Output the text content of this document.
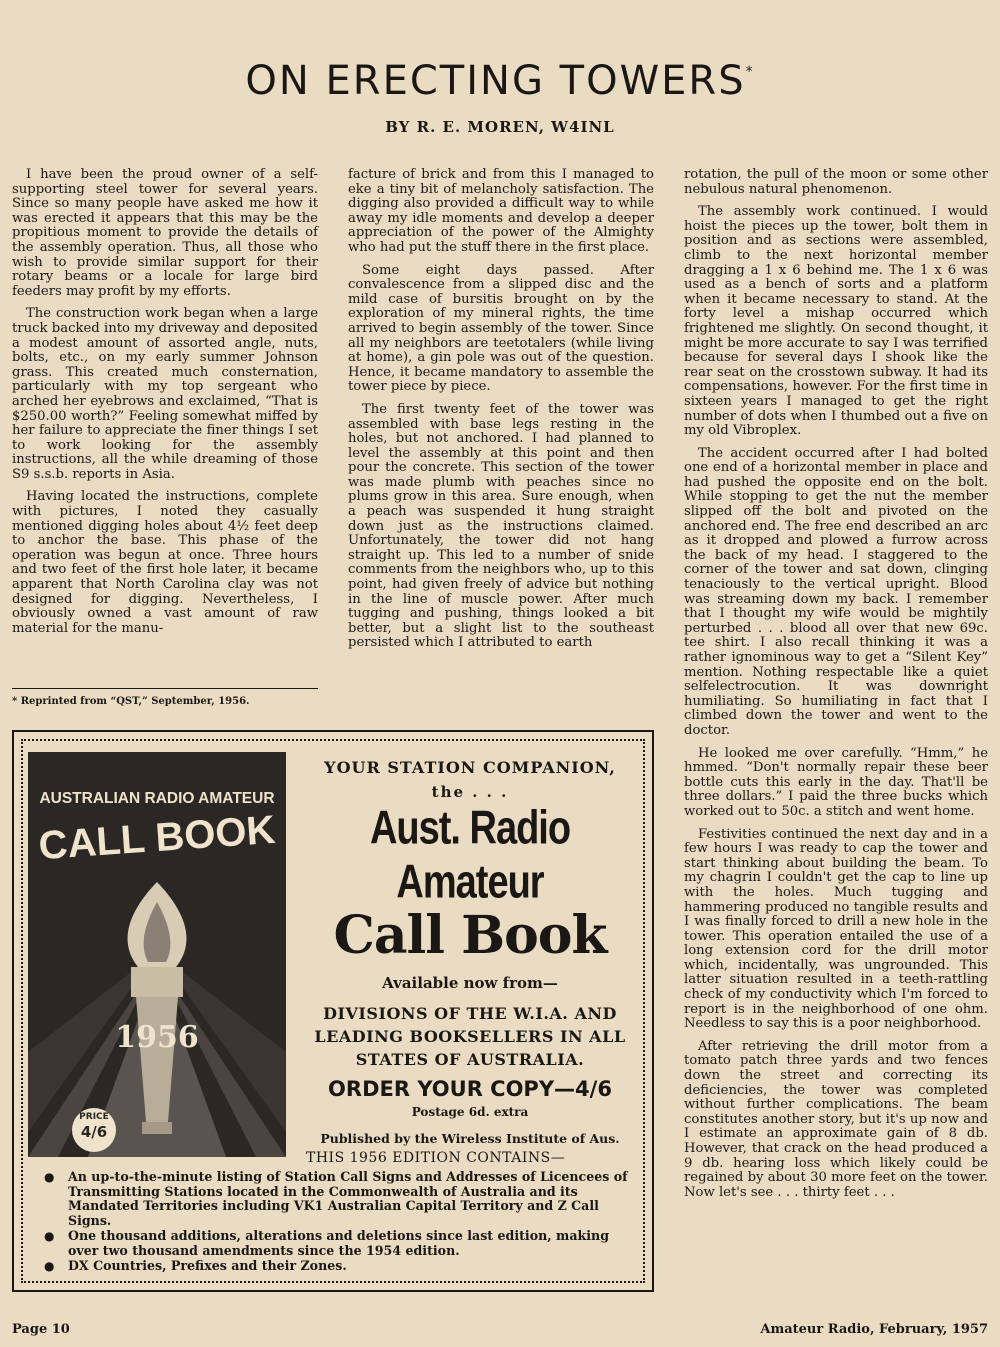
ON ERECTING TOWERS*
BY R. E. MOREN, W4INL

I have been the proud owner of a self-supporting steel tower for several years. Since so many people have asked me how it was erected it appears that this may be the propitious moment to provide the details of the assembly operation. Thus, all those who wish to provide similar support for their rotary beams or a locale for large bird feeders may profit by my efforts.

The construction work began when a large truck backed into my driveway and deposited a modest amount of assorted angle, nuts, bolts, etc., on my early summer Johnson grass. This created much consternation, particularly with my top sergeant who arched her eyebrows and exclaimed, “That is $250.00 worth?” Feeling somewhat miffed by her failure to appreciate the finer things I set to work looking for the assembly instructions, all the while dreaming of those S9 s.s.b. reports in Asia.

Having located the instructions, complete with pictures, I noted they casually mentioned digging holes about 4½ feet deep to anchor the base. This phase of the operation was begun at once. Three hours and two feet of the first hole later, it became apparent that North Carolina clay was not designed for digging. Nevertheless, I obviously owned a vast amount of raw material for the manu-

* Reprinted from “QST,” September, 1956.

facture of brick and from this I managed to eke a tiny bit of melancholy satisfaction. The digging also provided a difficult way to while away my idle moments and develop a deeper appreciation of the power of the Almighty who had put the stuff there in the first place.

Some eight days passed. After convalescence from a slipped disc and the mild case of bursitis brought on by the exploration of my mineral rights, the time arrived to begin assembly of the tower. Since all my neighbors are teetotalers (while living at home), a gin pole was out of the question. Hence, it became mandatory to assemble the tower piece by piece.

The first twenty feet of the tower was assembled with base legs resting in the holes, but not anchored. I had planned to level the assembly at this point and then pour the concrete. This section of the tower was made plumb with peaches since no plums grow in this area. Sure enough, when a peach was suspended it hung straight down just as the instructions claimed. Unfortunately, the tower did not hang straight up. This led to a number of snide comments from the neighbors who, up to this point, had given freely of advice but nothing in the line of muscle power. After much tugging and pushing, things looked a bit better, but a slight list to the southeast persisted which I attributed to earth

rotation, the pull of the moon or some other nebulous natural phenomenon.

The assembly work continued. I would hoist the pieces up the tower, bolt them in position and as sections were assembled, climb to the next horizontal member dragging a 1 x 6 behind me. The 1 x 6 was used as a bench of sorts and a platform when it became necessary to stand. At the forty level a mishap occurred which frightened me slightly. On second thought, it might be more accurate to say I was terrified because for several days I shook like the rear seat on the crosstown subway. It had its compensations, however. For the first time in sixteen years I managed to get the right number of dots when I thumbed out a five on my old Vibroplex.

The accident occurred after I had bolted one end of a horizontal member in place and had pushed the opposite end on the bolt. While stopping to get the nut the member slipped off the bolt and pivoted on the anchored end. The free end described an arc as it dropped and plowed a furrow across the back of my head. I staggered to the corner of the tower and sat down, clinging tenaciously to the vertical upright. Blood was streaming down my back. I remember that I thought my wife would be mightily perturbed . . . blood all over that new 69c. tee shirt. I also recall thinking it was a rather ignominous way to get a “Silent Key” mention. Nothing respectable like a quiet selfelectrocution. It was downright humiliating. So humiliating in fact that I climbed down the tower and went to the doctor.

He looked me over carefully. “Hmm,” he hmmed. “Don't normally repair these beer bottle cuts this early in the day. That'll be three dollars.” I paid the three bucks which worked out to 50c. a stitch and went home.

Festivities continued the next day and in a few hours I was ready to cap the tower and start thinking about building the beam. To my chagrin I couldn't get the cap to line up with the holes. Much tugging and hammering produced no tangible results and I was finally forced to drill a new hole in the tower. This operation entailed the use of a long extension cord for the drill motor which, incidentally, was ungrounded. This latter situation resulted in a teeth-rattling check of my conductivity which I'm forced to report is in the neighborhood of one ohm. Needless to say this is a poor neighborhood.

After retrieving the drill motor from a tomato patch three yards and two fences down the street and correcting its deficiencies, the tower was completed without further complications. The beam constitutes another story, but it's up now and I estimate an approximate gain of 8 db. However, that crack on the head produced a 9 db. hearing loss which likely could be regained by about 30 more feet on the tower. Now let's see . . . thirty feet . . .

AUSTRALIAN RADIO AMATEUR
CALL BOOK
1956
PRICE
4/6
YOUR STATION COMPANION,
the . . .
Aust. Radio Amateur
Call Book
Available now from—
DIVISIONS OF THE W.I.A. AND LEADING BOOKSELLERS IN ALL STATES OF AUSTRALIA.
ORDER YOUR COPY—4/6
Postage 6d. extra
Published by the Wireless Institute of Aus.
THIS 1956 EDITION CONTAINS—
● An up-to-the-minute listing of Station Call Signs and Addresses of Licencees of Transmitting Stations located in the Commonwealth of Australia and its Mandated Territories including VK1 Australian Capital Territory and Z Call Signs.
● One thousand additions, alterations and deletions since last edition, making over two thousand amendments since the 1954 edition.
● DX Countries, Prefixes and their Zones.
Page 10	Amateur Radio, February, 1957
